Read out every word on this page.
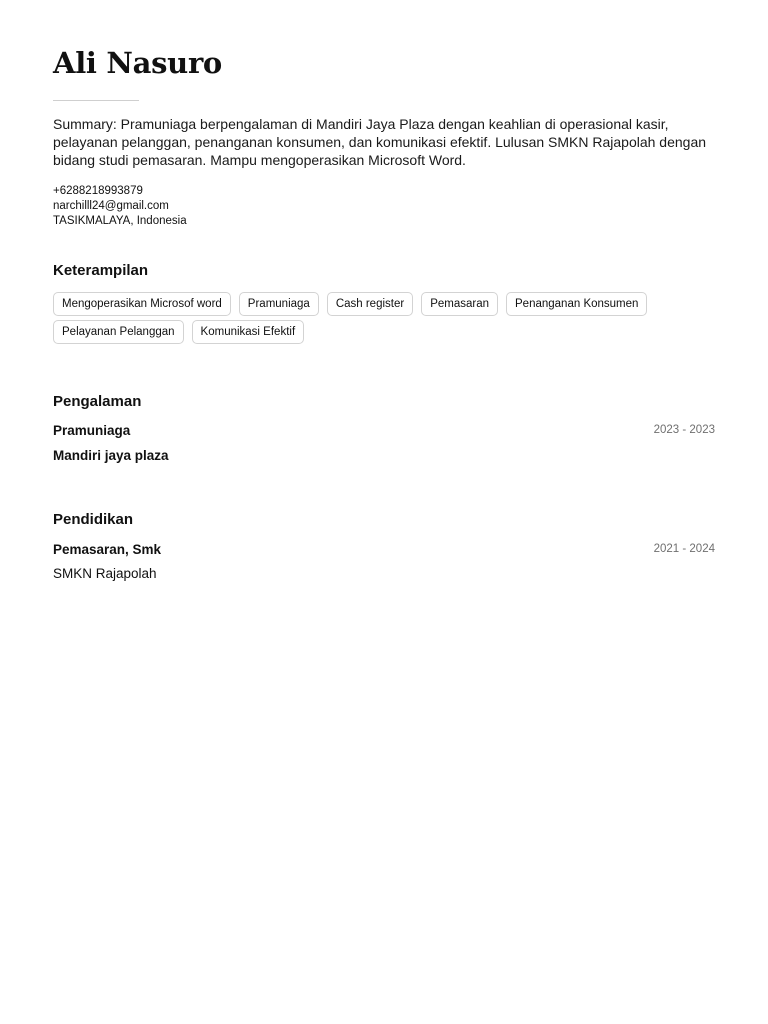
Ali Nasuro

Summary: Pramuniaga berpengalaman di Mandiri Jaya Plaza dengan keahlian di operasional kasir, pelayanan pelanggan, penanganan konsumen, dan komunikasi efektif. Lulusan SMKN Rajapolah dengan bidang studi pemasaran. Mampu mengoperasikan Microsoft Word.

+6288218993879
narchilll24@gmail.com
TASIKMALAYA, Indonesia
Keterampilan
Mengoperasikan Microsof word	Pramuniaga	Cash register	Pemasaran	Penanganan Konsumen
Pelayanan Pelanggan	Komunikasi Efektif
Pengalaman
Pramuniaga	2023 - 2023
Mandiri jaya plaza
Pendidikan
Pemasaran, Smk	2021 - 2024
SMKN Rajapolah
